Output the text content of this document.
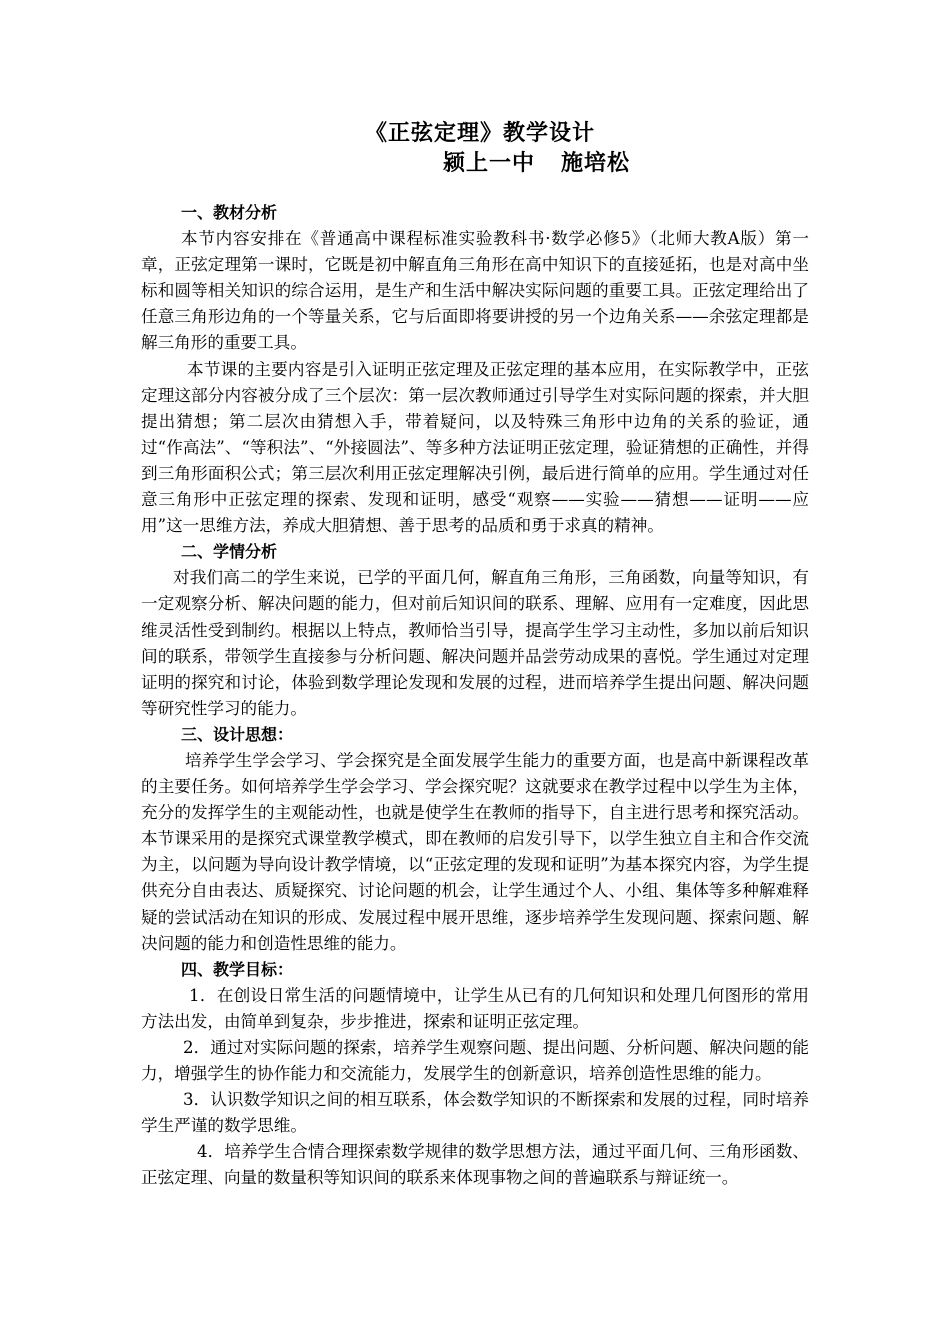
《正弦定理》教学设计
颍上一中   施培松
一、教材分析

本节内容安排在《普通高中课程标准实验教科书·数学必修5》（北师大教A版）第一章，正弦定理第一课时，它既是初中解直角三角形在高中知识下的直接延拓，也是对高中坐标和圆等相关知识的综合运用，是生产和生活中解决实际问题的重要工具。正弦定理给出了任意三角形边角的一个等量关系，它与后面即将要讲授的另一个边角关系——余弦定理都是解三角形的重要工具。

本节课的主要内容是引入证明正弦定理及正弦定理的基本应用，在实际教学中，正弦定理这部分内容被分成了三个层次：第一层次教师通过引导学生对实际问题的探索，并大胆提出猜想；第二层次由猜想入手，带着疑问，以及特殊三角形中边角的关系的验证，通过“作高法”、“等积法”、“外接圆法”、等多种方法证明正弦定理，验证猜想的正确性，并得到三角形面积公式；第三层次利用正弦定理解决引例，最后进行简单的应用。学生通过对任意三角形中正弦定理的探索、发现和证明，感受“观察——实验——猜想——证明——应用”这一思维方法，养成大胆猜想、善于思考的品质和勇于求真的精神。

二、学情分析

对我们高二的学生来说，已学的平面几何，解直角三角形，三角函数，向量等知识，有一定观察分析、解决问题的能力，但对前后知识间的联系、理解、应用有一定难度，因此思维灵活性受到制约。根据以上特点，教师恰当引导，提高学生学习主动性，多加以前后知识间的联系，带领学生直接参与分析问题、解决问题并品尝劳动成果的喜悦。学生通过对定理证明的探究和讨论，体验到数学理论发现和发展的过程，进而培养学生提出问题、解决问题等研究性学习的能力。

三、设计思想：

培养学生学会学习、学会探究是全面发展学生能力的重要方面，也是高中新课程改革的主要任务。如何培养学生学会学习、学会探究呢？这就要求在教学过程中以学生为主体，充分的发挥学生的主观能动性，也就是使学生在教师的指导下，自主进行思考和探究活动。本节课采用的是探究式课堂教学模式，即在教师的启发引导下，以学生独立自主和合作交流为主，以问题为导向设计教学情境，以“正弦定理的发现和证明”为基本探究内容，为学生提供充分自由表达、质疑探究、讨论问题的机会，让学生通过个人、小组、集体等多种解难释疑的尝试活动在知识的形成、发展过程中展开思维，逐步培养学生发现问题、探索问题、解决问题的能力和创造性思维的能力。

四、教学目标：

1．在创设日常生活的问题情境中，让学生从已有的几何知识和处理几何图形的常用方法出发，由简单到复杂，步步推进，探索和证明正弦定理。

2．通过对实际问题的探索，培养学生观察问题、提出问题、分析问题、解决问题的能力，增强学生的协作能力和交流能力，发展学生的创新意识，培养创造性思维的能力。

3．认识数学知识之间的相互联系，体会数学知识的不断探索和发展的过程，同时培养学生严谨的数学思维。

4．培养学生合情合理探索数学规律的数学思想方法，通过平面几何、三角形函数、正弦定理、向量的数量积等知识间的联系来体现事物之间的普遍联系与辩证统一。
